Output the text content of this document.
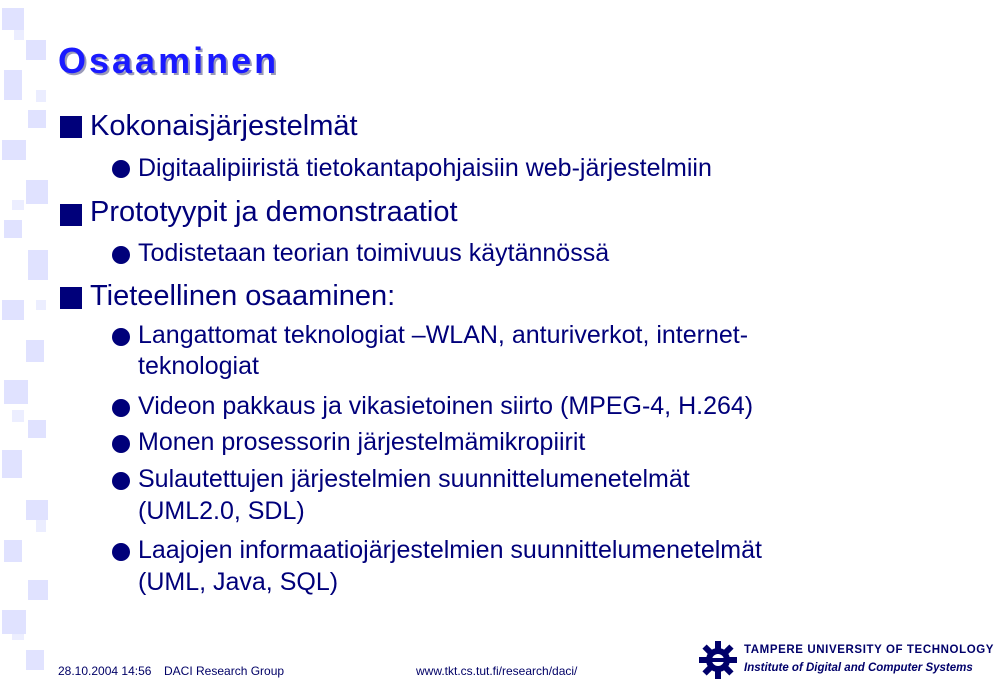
Osaaminen
Kokonaisjärjestelmät
Digitaalipiiristä tietokantapohjaisiin web-järjestelmiin
Prototyypit ja demonstraatiot
Todistetaan teorian toimivuus käytännössä
Tieteellinen osaaminen:
Langattomat teknologiat –WLAN, anturiverkot, internet-
teknologiat
Videon pakkaus ja vikasietoinen siirto (MPEG-4, H.264)
Monen prosessorin järjestelmämikropiirit
Sulautettujen järjestelmien suunnittelumenetelmät
(UML2.0, SDL)
Laajojen informaatiojärjestelmien suunnittelumenetelmät
(UML, Java, SQL)
28.10.2004 14:56 DACI Research Group	www.tkt.cs.tut.fi/research/daci/
TAMPERE UNIVERSITY OF TECHNOLOGY
Institute of Digital and Computer Systems
